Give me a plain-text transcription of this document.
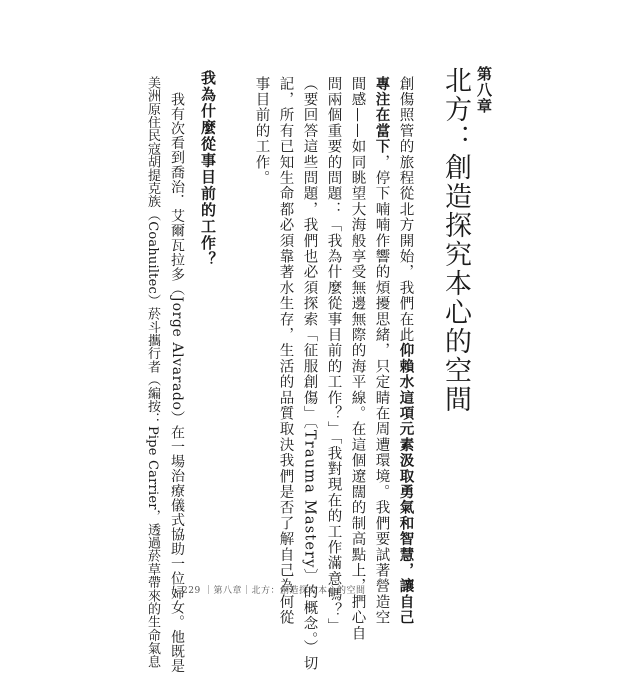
第八章
北方：創造探究本心的空間
創傷照管的旅程從北方開始，我們在此仰賴水這項元素汲取勇氣和智慧，讓自己
專注在當下，停下喃喃作響的煩擾思緒，只定睛在周遭環境。我們要試著營造空
間感——如同眺望大海般享受無邊無際的海平線。在這個遼闊的制高點上，捫心自
問兩個重要的問題：「我為什麼從事目前的工作？」「我對現在的工作滿意嗎？」
（要回答這些問題，我們也必須探索「征服創傷」〔Trauma Mastery〕的概念。）切
記，所有已知生命都必須靠著水生存，生活的品質取決我們是否了解自己為何從
事目前的工作。
我為什麼從事目前的工作？
我有次看到喬治．艾爾瓦拉多（Jorge Alvarado）在一場治療儀式協助一位婦女。他既是
美洲原住民寇胡提克族（Coahuiltec）菸斗攜行者（編按：Pipe Carrier，透過菸草帶來的生命氣息 229 ｜第八章｜北方：創造探究本心的空間
